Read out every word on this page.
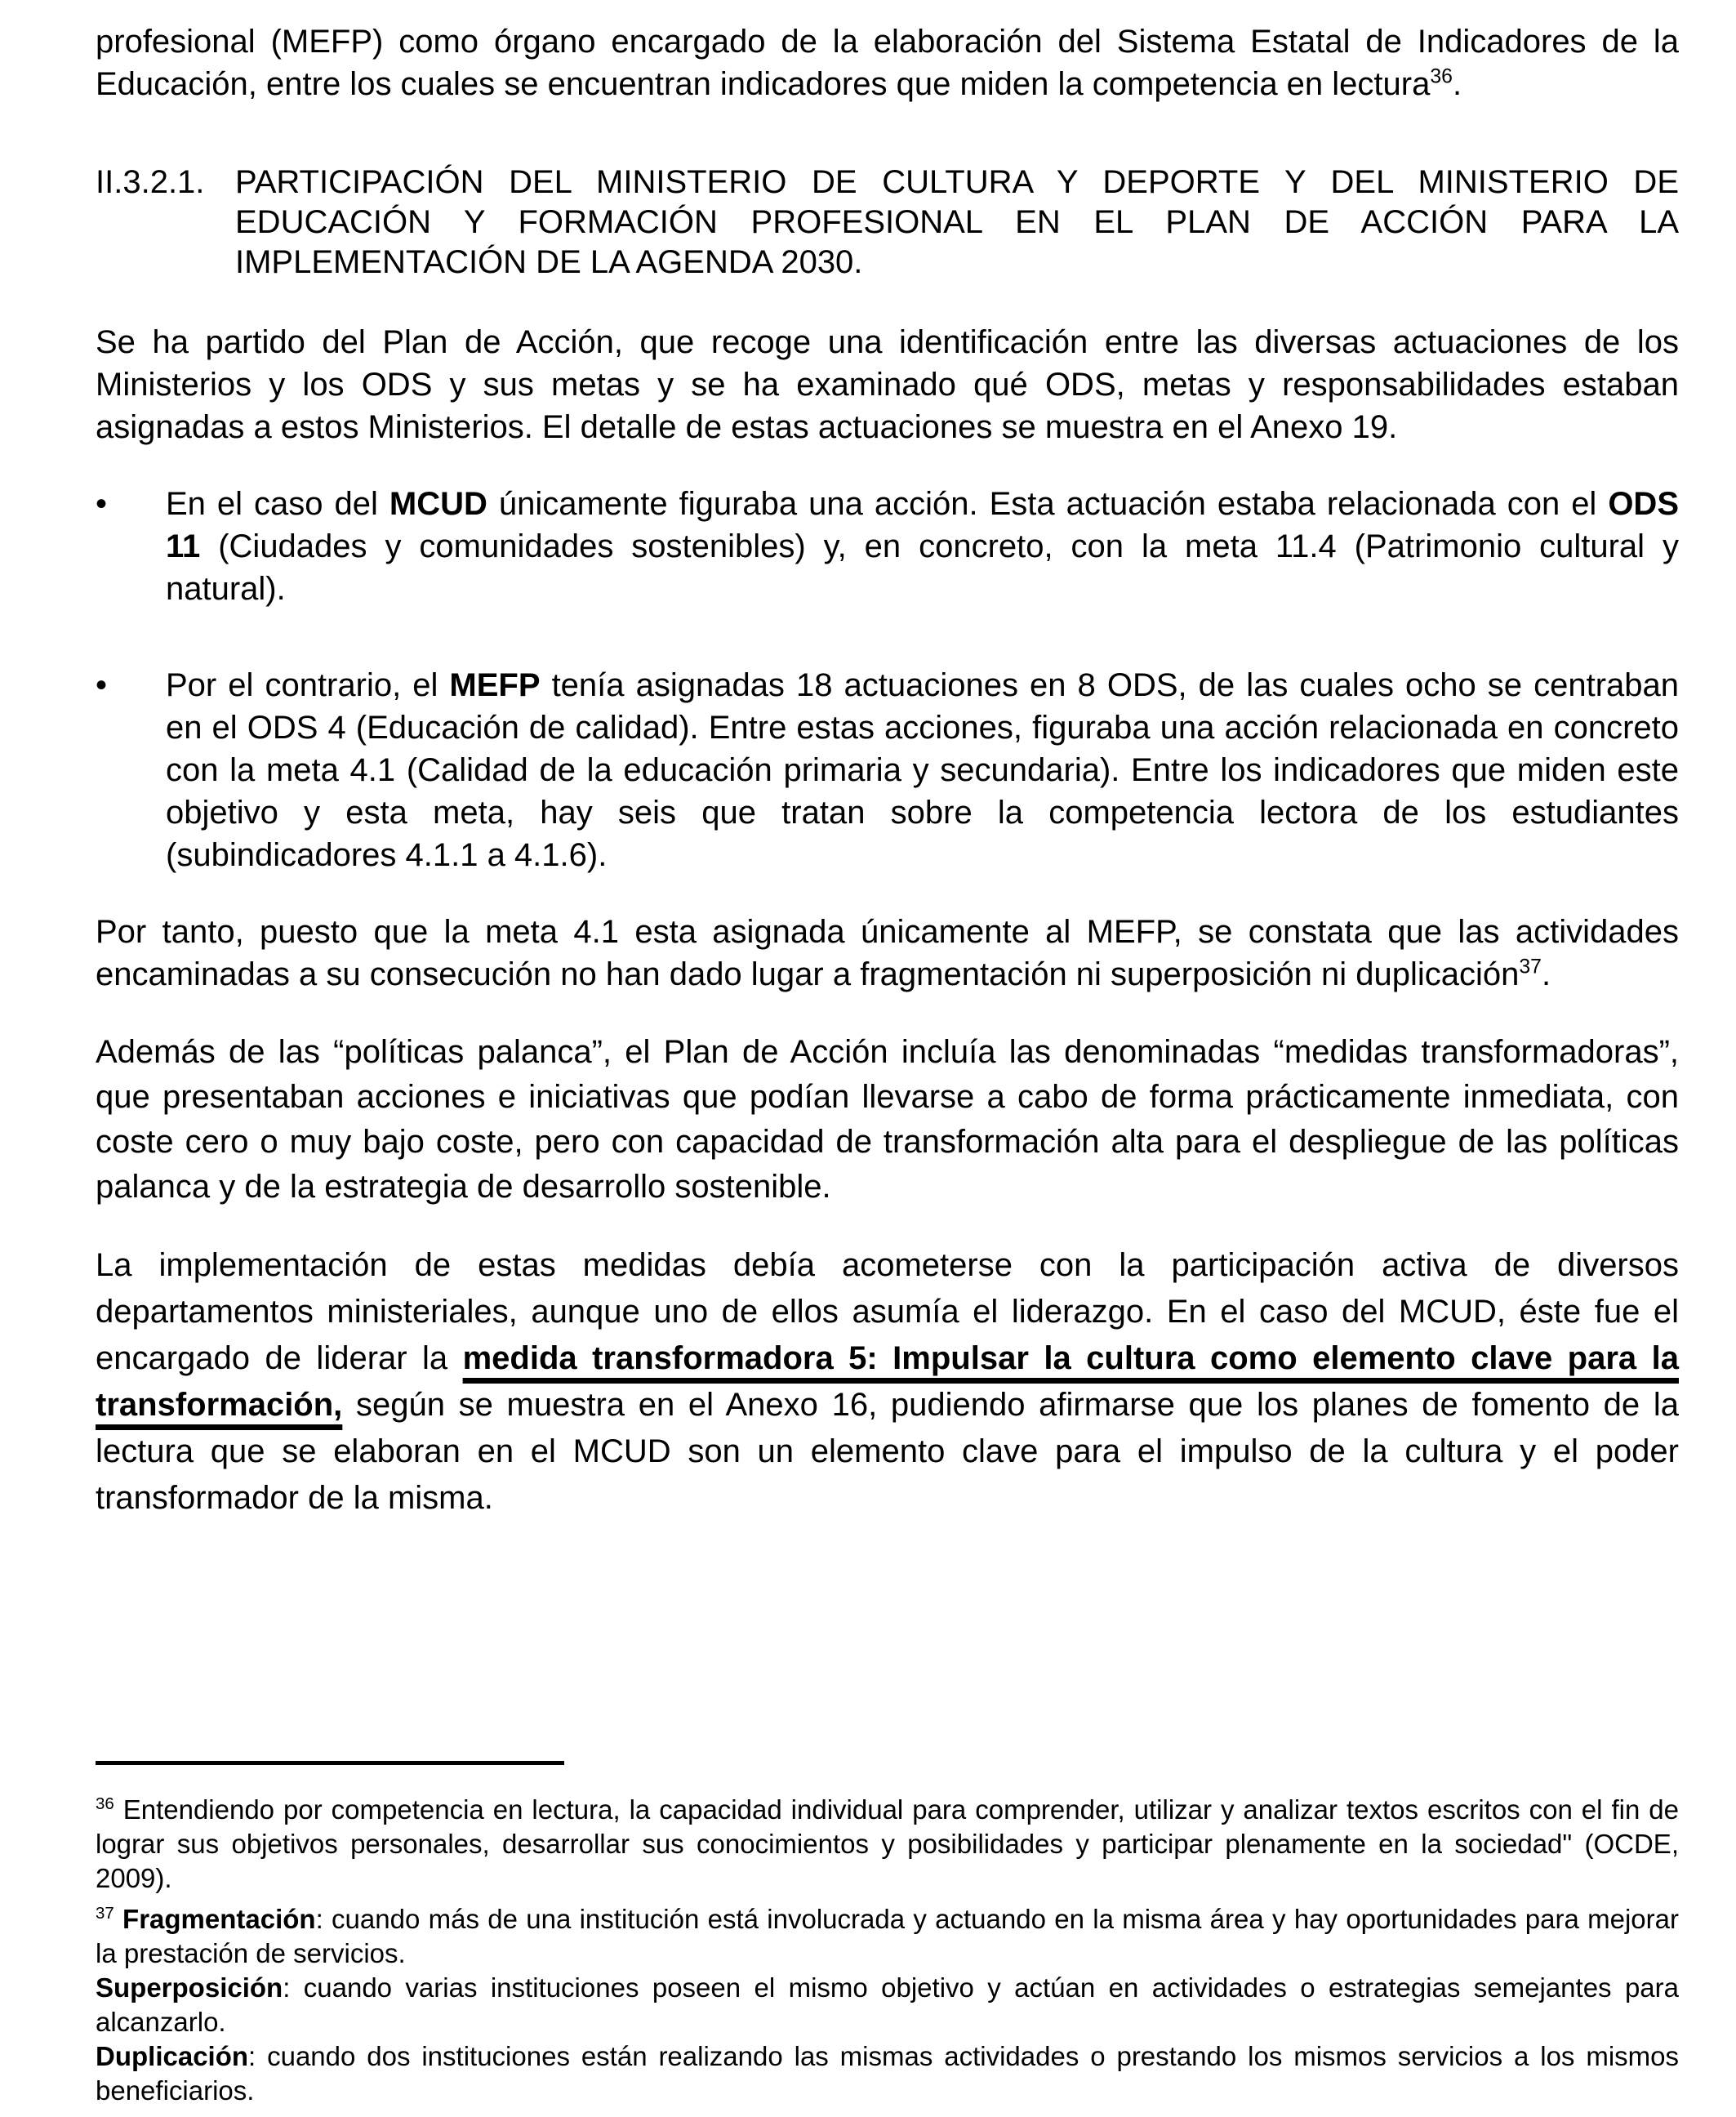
profesional (MEFP) como órgano encargado de la elaboración del Sistema Estatal de Indicadores de la Educación, entre los cuales se encuentran indicadores que miden la competencia en lectura$^{36}$.

II.3.2.1. PARTICIPACIÓN DEL MINISTERIO DE CULTURA Y DEPORTE Y DEL MINISTERIO DE EDUCACIÓN Y FORMACIÓN PROFESIONAL EN EL PLAN DE ACCIÓN PARA LA IMPLEMENTACIÓN DE LA AGENDA 2030.

Se ha partido del Plan de Acción, que recoge una identificación entre las diversas actuaciones de los Ministerios y los ODS y sus metas y se ha examinado qué ODS, metas y responsabilidades estaban asignadas a estos Ministerios. El detalle de estas actuaciones se muestra en el Anexo 19.

•	En el caso del MCUD únicamente figuraba una acción. Esta actuación estaba relacionada con el ODS 11 (Ciudades y comunidades sostenibles) y, en concreto, con la meta 11.4 (Patrimonio cultural y natural).
•	Por el contrario, el MEFP tenía asignadas 18 actuaciones en 8 ODS, de las cuales ocho se centraban en el ODS 4 (Educación de calidad). Entre estas acciones, figuraba una acción relacionada en concreto con la meta 4.1 (Calidad de la educación primaria y secundaria). Entre los indicadores que miden este objetivo y esta meta, hay seis que tratan sobre la competencia lectora de los estudiantes (subindicadores 4.1.1 a 4.1.6).

Por tanto, puesto que la meta 4.1 esta asignada únicamente al MEFP, se constata que las actividades encaminadas a su consecución no han dado lugar a fragmentación ni superposición ni duplicación$^{37}$.

Además de las “políticas palanca”, el Plan de Acción incluía las denominadas “medidas transformadoras”, que presentaban acciones e iniciativas que podían llevarse a cabo de forma prácticamente inmediata, con coste cero o muy bajo coste, pero con capacidad de transformación alta para el despliegue de las políticas palanca y de la estrategia de desarrollo sostenible.

La implementación de estas medidas debía acometerse con la participación activa de diversos departamentos ministeriales, aunque uno de ellos asumía el liderazgo. En el caso del MCUD, éste fue el encargado de liderar la medida transformadora 5: Impulsar la cultura como elemento clave para la transformación, según se muestra en el Anexo 16, pudiendo afirmarse que los planes de fomento de la lectura que se elaboran en el MCUD son un elemento clave para el impulso de la cultura y el poder transformador de la misma.

$^{36}$ Entendiendo por competencia en lectura, la capacidad individual para comprender, utilizar y analizar textos escritos con el fin de lograr sus objetivos personales, desarrollar sus conocimientos y posibilidades y participar plenamente en la sociedad" (OCDE, 2009).

$^{37}$ Fragmentación: cuando más de una institución está involucrada y actuando en la misma área y hay oportunidades para mejorar la prestación de servicios.
Superposición: cuando varias instituciones poseen el mismo objetivo y actúan en actividades o estrategias semejantes para alcanzarlo.
Duplicación: cuando dos instituciones están realizando las mismas actividades o prestando los mismos servicios a los mismos beneficiarios.
